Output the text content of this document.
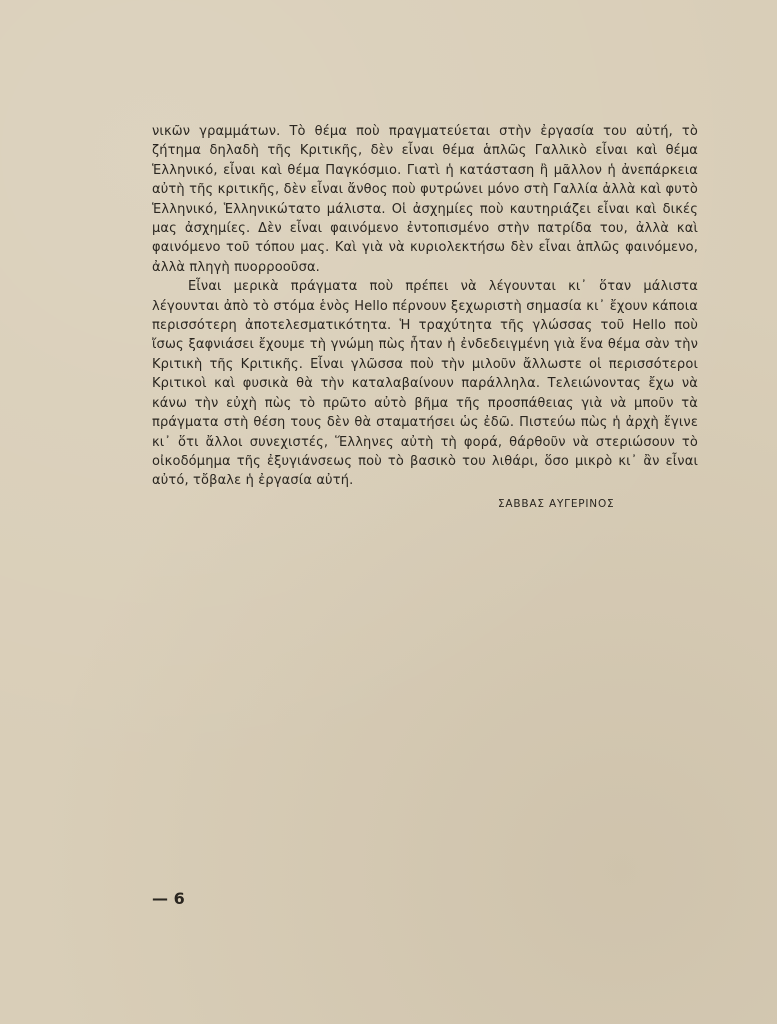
νικῶν γραμμάτων. Τὸ θέμα ποὺ πραγματεύεται στὴν ἐργασία του αὐτή, τὸ ζήτημα δηλαδὴ τῆς Κριτικῆς, δὲν εἶναι θέμα ἁπλῶς Γαλλικὸ εἶναι καὶ θέμα Ἑλληνικό, εἶναι καὶ θέμα Παγκόσμιο. Γιατὶ ἡ κατάσταση ἢ μᾶλλον ἡ ἀνεπάρκεια αὐτὴ τῆς κριτικῆς, δὲν εἶναι ἄνθος ποὺ φυτρώνει μόνο στὴ Γαλλία ἀλλὰ καὶ φυτὸ Ἑλληνικό, Ἑλληνικώτατο μάλιστα. Οἱ ἀσχημίες ποὺ καυτηριάζει εἶναι καὶ δικές μας ἀσχημίες. Δὲν εἶναι φαινόμενο ἐντοπισμένο στὴν πατρίδα του, ἀλλὰ καὶ φαινόμενο τοῦ τόπου μας. Καὶ γιὰ νὰ κυριολεκτήσω δὲν εἶναι ἁπλῶς φαινόμενο, ἀλλὰ πληγὴ πυορροοῦσα.

Εἶναι μερικὰ πράγματα ποὺ πρέπει νὰ λέγουνται κι᾽ ὅταν μάλιστα λέγουνται ἀπὸ τὸ στόμα ἑνὸς Hello πέρνουν ξεχωριστὴ σημασία κι᾽ ἔχουν κάποια περισσότερη ἀποτελεσματικότητα. Ἡ τραχύτητα τῆς γλώσσας τοῦ Hello ποὺ ἴσως ξαφνιάσει ἔχουμε τὴ γνώμη πὼς ἦταν ἡ ἐνδεδειγμένη γιὰ ἕνα θέμα σὰν τὴν Κριτικὴ τῆς Κριτικῆς. Εἶναι γλῶσσα ποὺ τὴν μιλοῦν ἄλλωστε οἱ περισσότεροι Κριτικοὶ καὶ φυσικὰ θὰ τὴν καταλαβαίνουν παράλληλα. Τελειώνοντας ἔχω νὰ κάνω τὴν εὐχὴ πὼς τὸ πρῶτο αὐτὸ βῆμα τῆς προσπάθειας γιὰ νὰ μποῦν τὰ πράγματα στὴ θέση τους δὲν θὰ σταματήσει ὡς ἐδῶ. Πιστεύω πὼς ἡ ἀρχὴ ἔγινε κι᾽ ὅτι ἄλλοι συνεχιστές, Ἕλληνες αὐτὴ τὴ φορά, θάρθοῦν νὰ στεριώσουν τὸ οἰκοδόμημα τῆς ἐξυγιάνσεως ποὺ τὸ βασικὸ του λιθάρι, ὅσο μικρὸ κι᾽ ἂν εἶναι αὐτό, τὄβαλε ἡ ἐργασία αὐτή.

ΣΑΒΒΑΣ ΑΥΓΕΡΙΝΟΣ
— 6
